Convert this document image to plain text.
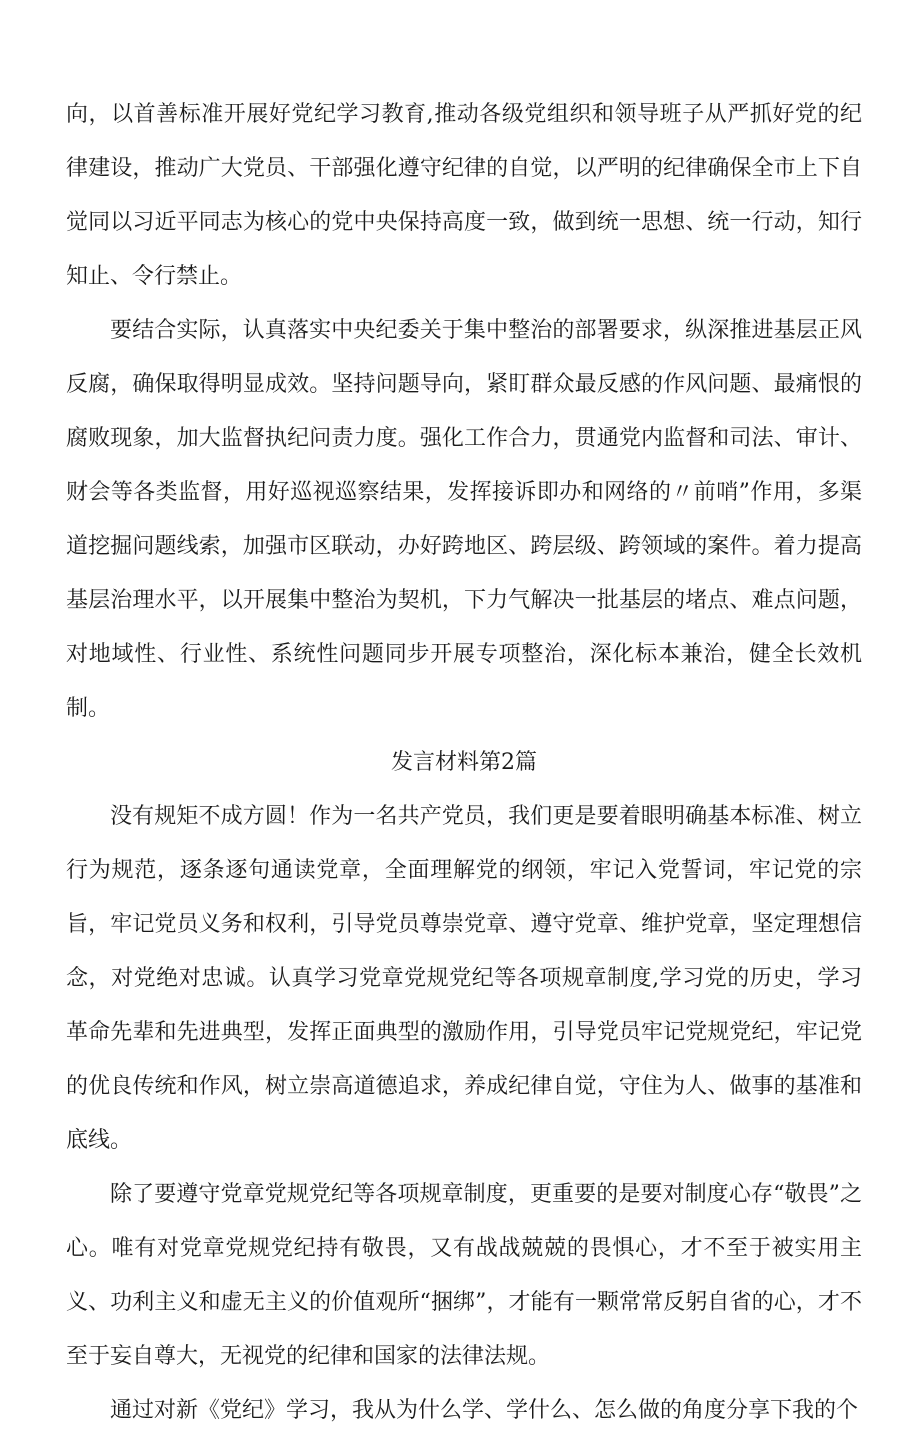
向，以首善标准开展好党纪学习教育,推动各级党组织和领导班子从严抓好党的纪律建设，推动广大党员、干部强化遵守纪律的自觉，以严明的纪律确保全市上下自觉同以习近平同志为核心的党中央保持高度一致，做到统一思想、统一行动，知行知止、令行禁止。

要结合实际，认真落实中央纪委关于集中整治的部署要求，纵深推进基层正风反腐，确保取得明显成效。坚持问题导向，紧盯群众最反感的作风问题、最痛恨的腐败现象，加大监督执纪问责力度。强化工作合力，贯通党内监督和司法、审计、财会等各类监督，用好巡视巡察结果，发挥接诉即办和网络的〃前哨”作用，多渠道挖掘问题线索，加强市区联动，办好跨地区、跨层级、跨领域的案件。着力提高基层治理水平，以开展集中整治为契机，下力气解决一批基层的堵点、难点问题，对地域性、行业性、系统性问题同步开展专项整治，深化标本兼治，健全长效机制。

发言材料第2篇

没有规矩不成方圆！作为一名共产党员，我们更是要着眼明确基本标准、树立行为规范，逐条逐句通读党章，全面理解党的纲领，牢记入党誓词，牢记党的宗旨，牢记党员义务和权利，引导党员尊崇党章、遵守党章、维护党章，坚定理想信念，对党绝对忠诚。认真学习党章党规党纪等各项规章制度,学习党的历史，学习革命先辈和先进典型，发挥正面典型的激励作用，引导党员牢记党规党纪，牢记党的优良传统和作风，树立崇高道德追求，养成纪律自觉，守住为人、做事的基准和底线。

除了要遵守党章党规党纪等各项规章制度，更重要的是要对制度心存“敬畏”之心。唯有对党章党规党纪持有敬畏，又有战战兢兢的畏惧心，才不至于被实用主义、功利主义和虚无主义的价值观所“捆绑”，才能有一颗常常反躬自省的心，才不至于妄自尊大，无视党的纪律和国家的法律法规。

通过对新《党纪》学习，我从为什么学、学什么、怎么做的角度分享下我的个
